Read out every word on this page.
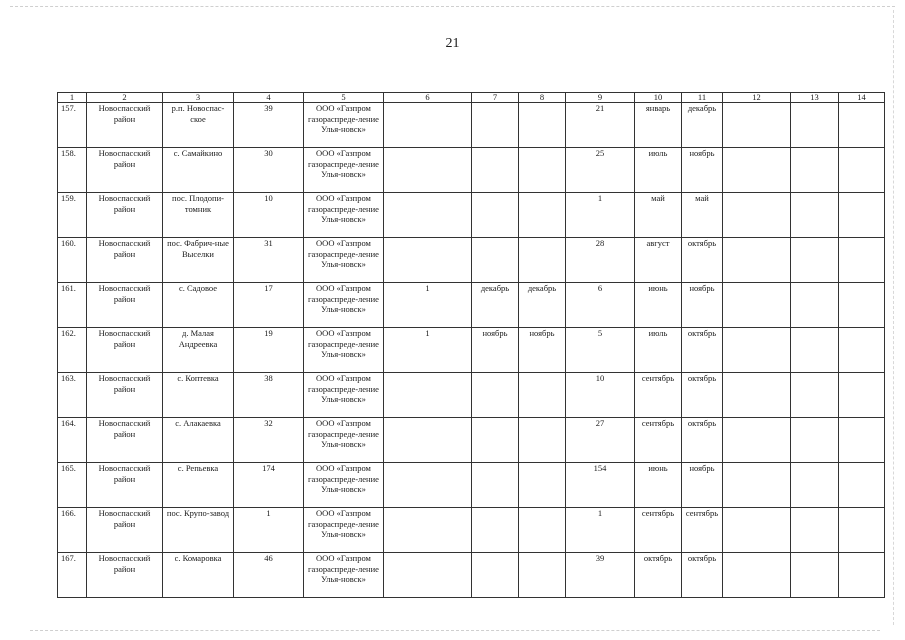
21
1	2	3	4	5	6	7	8	9	10	11	12	13	14
157.	Новоспасский район	р.п. Новоспас-ское	39	ООО «Газпром газораспреде-ление Улья-новск»				21	январь	декабрь			
158.	Новоспасский район	с. Самайкино	30	ООО «Газпром газораспреде-ление Улья-новск»				25	июль	ноябрь			
159.	Новоспасский район	пос. Плодопи-томник	10	ООО «Газпром газораспреде-ление Улья-новск»				1	май	май			
160.	Новоспасский район	пос. Фабрич-ные Выселки	31	ООО «Газпром газораспреде-ление Улья-новск»				28	август	октябрь			
161.	Новоспасский район	с. Садовое	17	ООО «Газпром газораспреде-ление Улья-новск»	1	декабрь	декабрь	6	июнь	ноябрь			
162.	Новоспасский район	д. Малая Андреевка	19	ООО «Газпром газораспреде-ление Улья-новск»	1	ноябрь	ноябрь	5	июль	октябрь			
163.	Новоспасский район	с. Коптевка	38	ООО «Газпром газораспреде-ление Улья-новск»				10	сентябрь	октябрь			
164.	Новоспасский район	с. Алакаевка	32	ООО «Газпром газораспреде-ление Улья-новск»				27	сентябрь	октябрь			
165.	Новоспасский район	с. Репьевка	174	ООО «Газпром газораспреде-ление Улья-новск»				154	июнь	ноябрь			
166.	Новоспасский район	пос. Крупо-завод	1	ООО «Газпром газораспреде-ление Улья-новск»				1	сентябрь	сентябрь			
167.	Новоспасский район	с. Комаровка	46	ООО «Газпром газораспреде-ление Улья-новск»				39	октябрь	октябрь			
